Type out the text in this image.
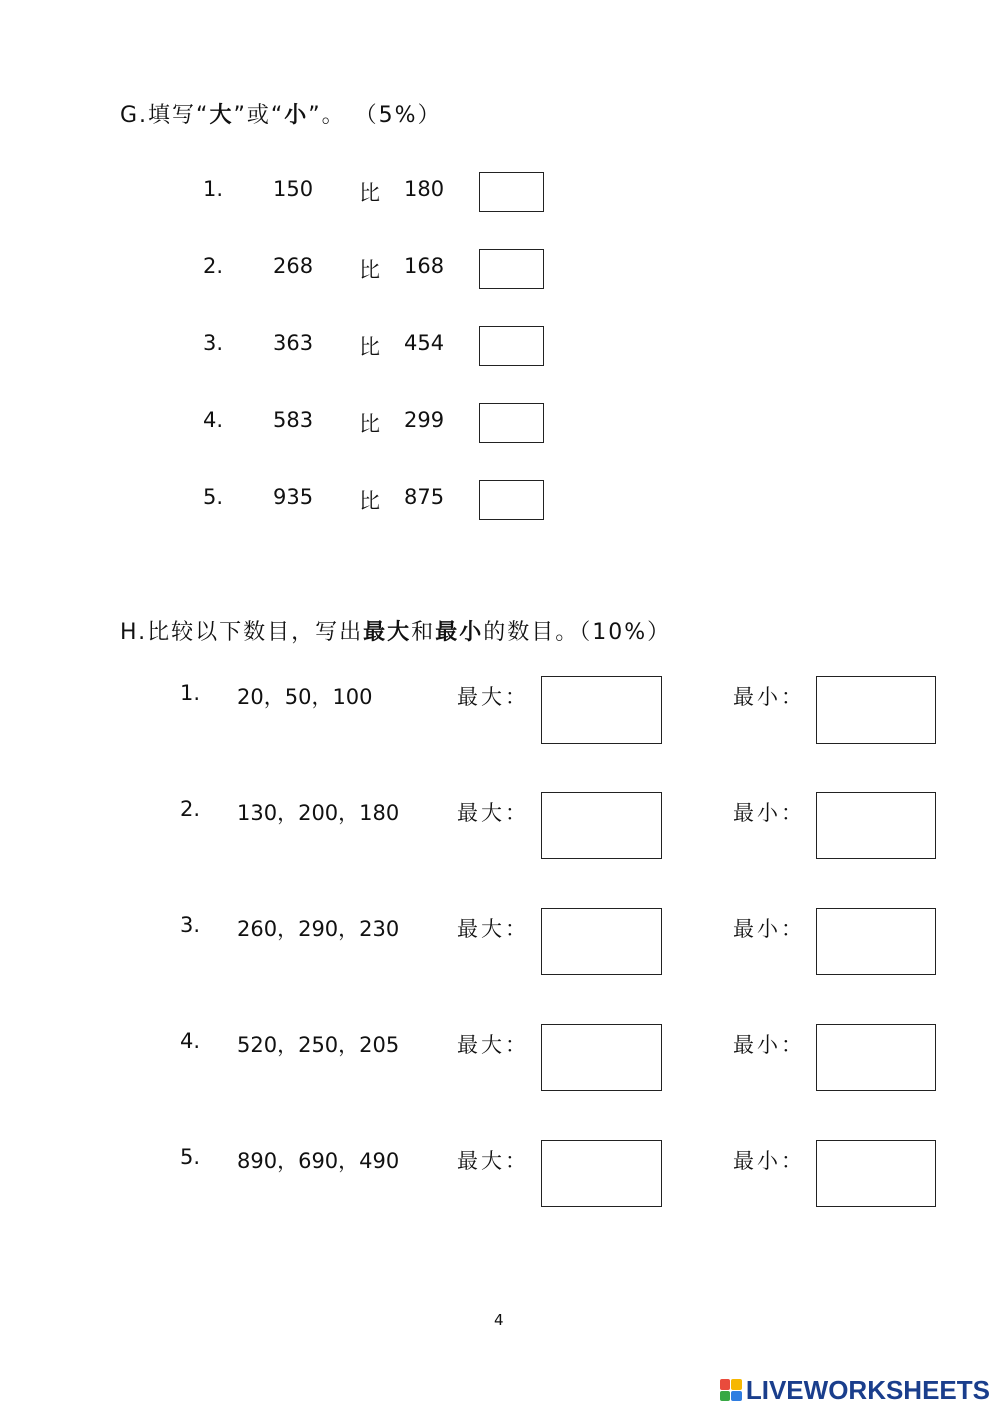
G.填写“大”或“小”。 （5%）
1. 150 比 180
2. 268 比 168
3. 363 比 454
4. 583 比 299
5. 935 比 875
H.比较以下数目，写出最大和最小的数目。（10%）
1. 20，50，100	最大：	最小：
2. 130，200，180	最大：	最小：
3. 260，290，230	最大：	最小：
4. 520，250，205	最大：	最小：
5. 890，690，490	最大：	最小：
4
LIVEWORKSHEETS
